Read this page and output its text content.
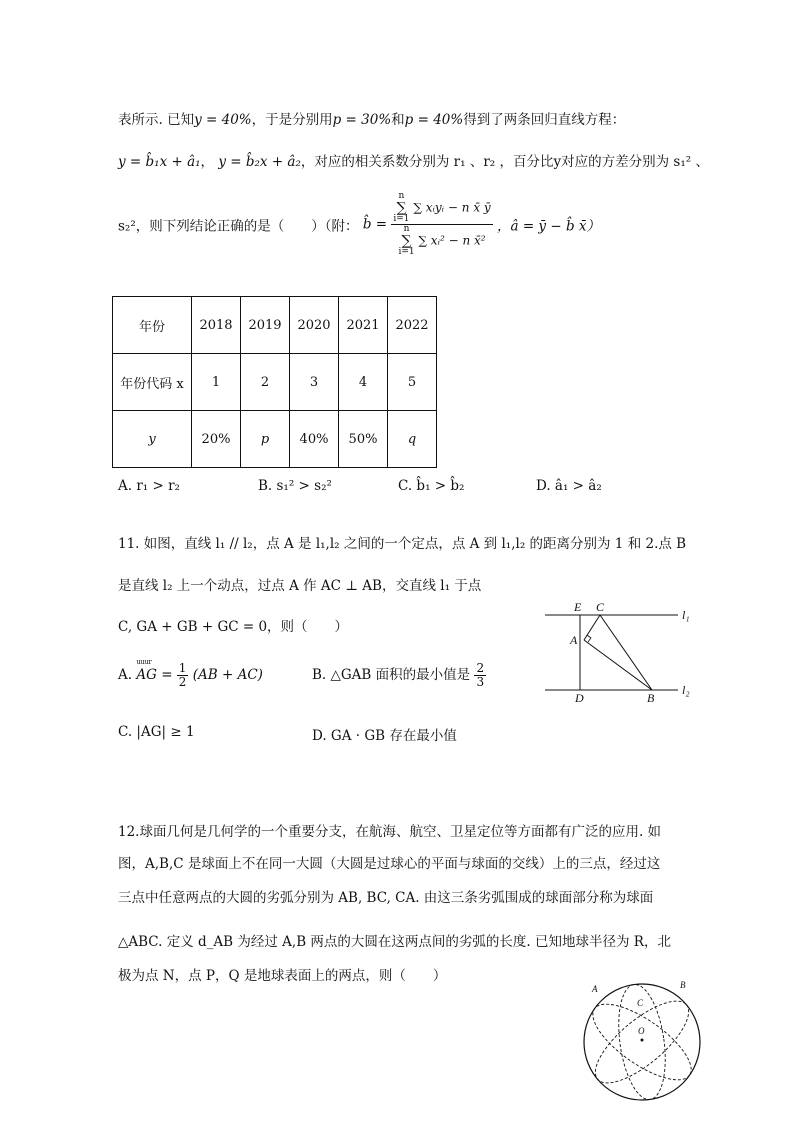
表所示. 已知y = 40%，于是分别用p = 30%和p = 40%得到了两条回归直线方程：
y = b̂₁x + â₁， y = b̂₂x + â₂，对应的相关系数分别为 r₁ 、r₂ ，百分比y对应的方差分别为 s₁² 、
s₂²，则下列结论正确的是（　　）（附： b̂ =
n
∑
i=1 ∑ xᵢyᵢ − n x̄ ȳ
n
∑
i=1 ∑ xᵢ² − n x̄²
，â = ȳ − b̂ x̄）
年份	2018	2019	2020	2021	2022
年份代码 x	1	2	3	4	5
y	20%	p	40%	50%	q
A. r₁ > r₂	B. s₁² > s₂²	C. b̂₁ > b̂₂	D. â₁ > â₂
11. 如图，直线 l₁ // l₂，点 A 是 l₁,l₂ 之间的一个定点，点 A 到 l₁,l₂ 的距离分别为 1 和 2.点 B
是直线 l₂ 上一个动点，过点 A 作 AC ⊥ AB，交直线 l₁ 于点
C, GA + GB + GC = 0，则（　　）
E C
A
D	B
l₁
l₂
A. uuur AG = $\frac{1}{2} (AB + AC)$	B. △GAB 面积的最小值是 $\frac{2}{3}$
C. |AG| ≥ 1	D. GA · GB 存在最小值
12.球面几何是几何学的一个重要分支，在航海、航空、卫星定位等方面都有广泛的应用. 如
图，A,B,C 是球面上不在同一大圆（大圆是过球心的平面与球面的交线）上的三点，经过这
三点中任意两点的大圆的劣弧分别为 AB, BC, CA. 由这三条劣弧围成的球面部分称为球面
△ABC. 定义 d_AB 为经过 A,B 两点的大圆在这两点间的劣弧的长度. 已知地球半径为 R，北
极为点 N，点 P，Q 是地球表面上的两点，则（　　）
A	B
C
O
